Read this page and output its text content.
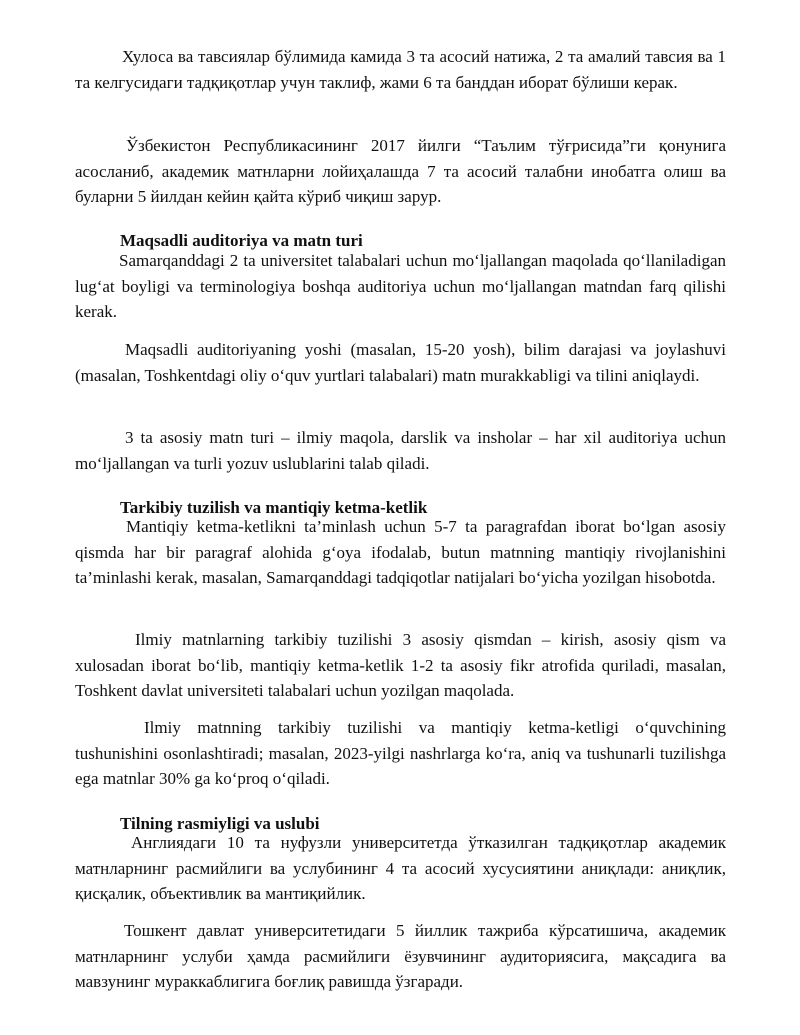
Хулоса ва тавсиялар бўлимида камида 3 та асосий натижа, 2 та амалий тавсия ва 1 та келгусидаги тадқиқотлар учун таклиф, жами 6 та банддан иборат бўлиши керак.

Ўзбекистон Республикасининг 2017 йилги “Таълим тўғрисида”ги қонунига асосланиб, академик матнларни лойиҳалашда 7 та асосий талабни инобатга олиш ва буларни 5 йилдан кейин қайта кўриб чиқиш зарур.

Maqsadli auditoriya va matn turi

Samarqanddagi 2 ta universitet talabalari uchun moʻljallangan maqolada qoʻllaniladigan lugʻat boyligi va terminologiya boshqa auditoriya uchun moʻljallangan matndan farq qilishi kerak.

Maqsadli auditoriyaning yoshi (masalan, 15-20 yosh), bilim darajasi va joylashuvi (masalan, Toshkentdagi oliy oʻquv yurtlari talabalari) matn murakkabligi va tilini aniqlaydi.

3 ta asosiy matn turi – ilmiy maqola, darslik va insholar – har xil auditoriya uchun moʻljallangan va turli yozuv uslublarini talab qiladi.

Tarkibiy tuzilish va mantiqiy ketma-ketlik

Mantiqiy ketma-ketlikni ta’minlash uchun 5-7 ta paragrafdan iborat boʻlgan asosiy qismda har bir paragraf alohida gʻoya ifodalab, butun matnning mantiqiy rivojlanishini ta’minlashi kerak, masalan, Samarqanddagi tadqiqotlar natijalari boʻyicha yozilgan hisobotda.

Ilmiy matnlarning tarkibiy tuzilishi 3 asosiy qismdan – kirish, asosiy qism va xulosadan iborat boʻlib, mantiqiy ketma-ketlik 1-2 ta asosiy fikr atrofida quriladi, masalan, Toshkent davlat universiteti talabalari uchun yozilgan maqolada.

Ilmiy matnning tarkibiy tuzilishi va mantiqiy ketma-ketligi oʻquvchining tushunishini osonlashtiradi; masalan, 2023-yilgi nashrlarga koʻra, aniq va tushunarli tuzilishga ega matnlar 30% ga koʻproq oʻqiladi.

Tilning rasmiyligi va uslubi

Англиядаги 10 та нуфузли университетда ўтказилган тадқиқотлар академик матнларнинг расмийлиги ва услубининг 4 та асосий хусусиятини аниқлади: аниқлик, қисқалик, объективлик ва мантиқийлик.

Тошкент давлат университетидаги 5 йиллик тажриба кўрсатишича, академик матнларнинг услуби ҳамда расмийлиги ёзувчининг аудиториясига, мақсадига ва мавзунинг мураккаблигига боғлиқ равишда ўзгаради.
